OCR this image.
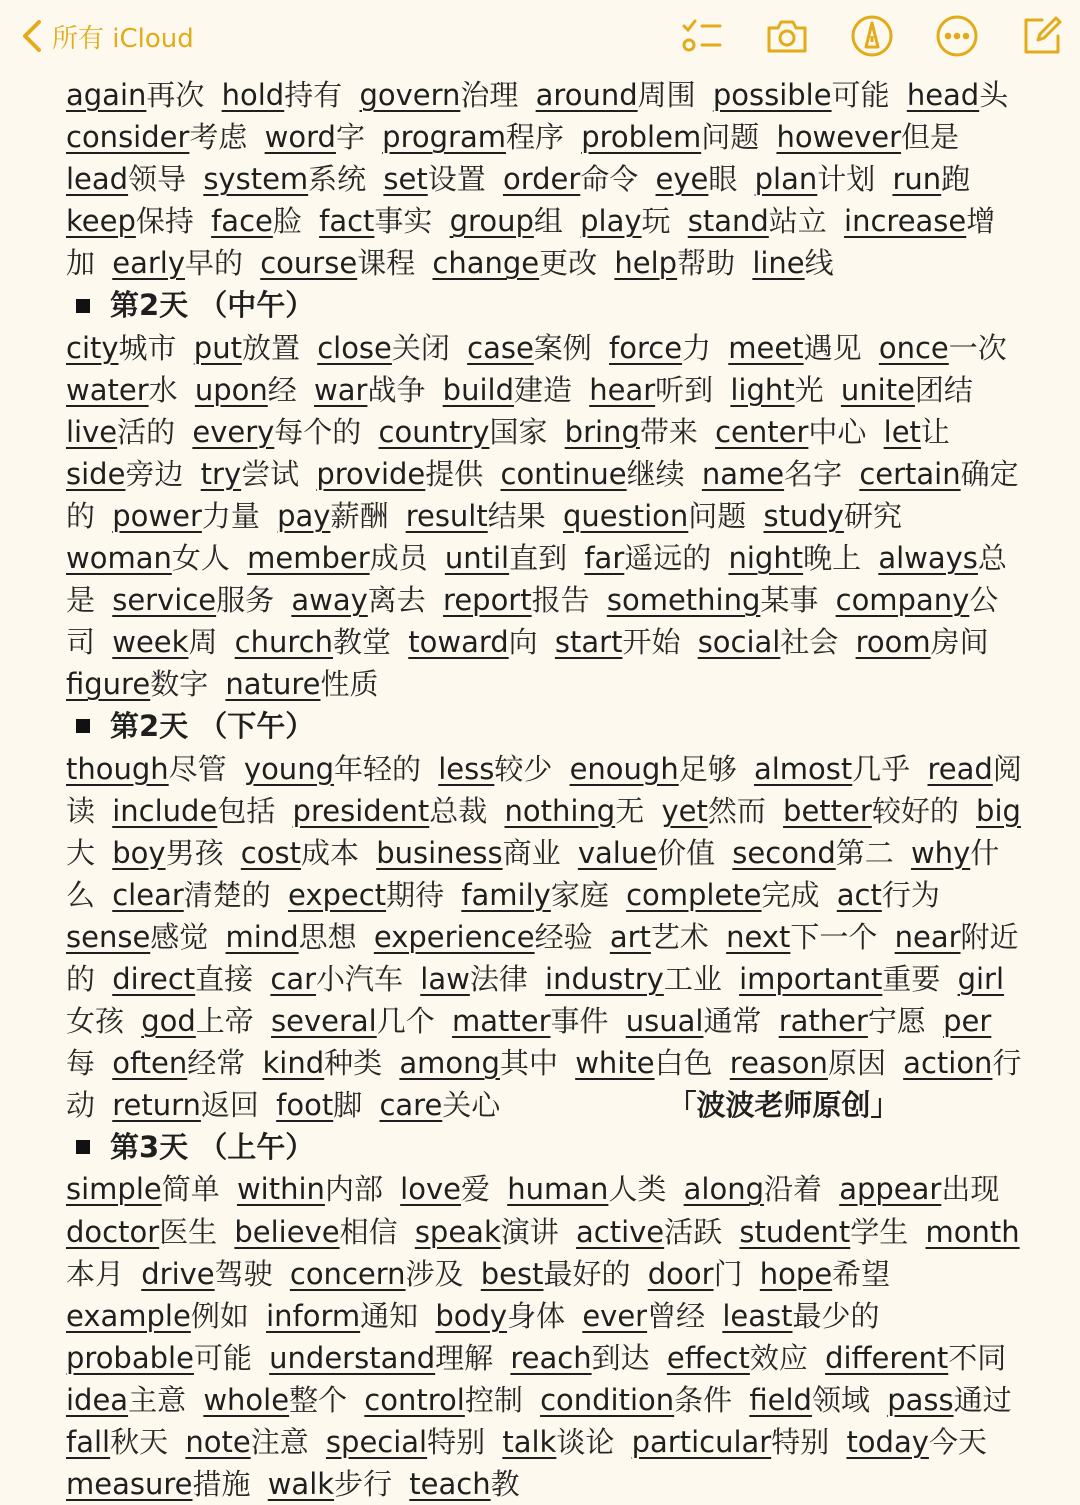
所有 iCloud
again再次 hold持有 govern治理 around周围 possible可能 head头 consider考虑 word字 program程序 problem问题 however但是 lead领导 system系统 set设置 order命令 eye眼 plan计划 run跑 keep保持 face脸 fact事实 group组 play玩 stand站立 increase增加 early早的 course课程 change更改 help帮助 line线
第2天 （中午）
city城市 put放置 close关闭 case案例 force力 meet遇见 once一次 water水 upon经 war战争 build建造 hear听到 light光 unite团结 live活的 every每个的 country国家 bring带来 center中心 let让 side旁边 try尝试 provide提供 continue继续 name名字 certain确定的 power力量 pay薪酬 result结果 question问题 study研究 woman女人 member成员 until直到 far遥远的 night晚上 always总是 service服务 away离去 report报告 something某事 company公司 week周 church教堂 toward向 start开始 social社会 room房间 figure数字 nature性质
第2天 （下午）
though尽管 young年轻的 less较少 enough足够 almost几乎 read阅读 include包括 president总裁 nothing无 yet然而 better较好的 big大 boy男孩 cost成本 business商业 value价值 second第二 why什么 clear清楚的 expect期待 family家庭 complete完成 act行为 sense感觉 mind思想 experience经验 art艺术 next下一个 near附近的 direct直接 car小汽车 law法律 industry工业 important重要 girl女孩 god上帝 several几个 matter事件 usual通常 rather宁愿 per每 often经常 kind种类 among其中 white白色 reason原因 action行动 return返回 foot脚 care关心	「波波老师原创」
第3天 （上午）
simple简单 within内部 love爱 human人类 along沿着 appear出现 doctor医生 believe相信 speak演讲 active活跃 student学生 month本月 drive驾驶 concern涉及 best最好的 door门 hope希望 example例如 inform通知 body身体 ever曾经 least最少的 probable可能 understand理解 reach到达 effect效应 different不同 idea主意 whole整个 control控制 condition条件 field领域 pass通过 fall秋天 note注意 special特别 talk谈论 particular特别 today今天 measure措施 walk步行 teach教
